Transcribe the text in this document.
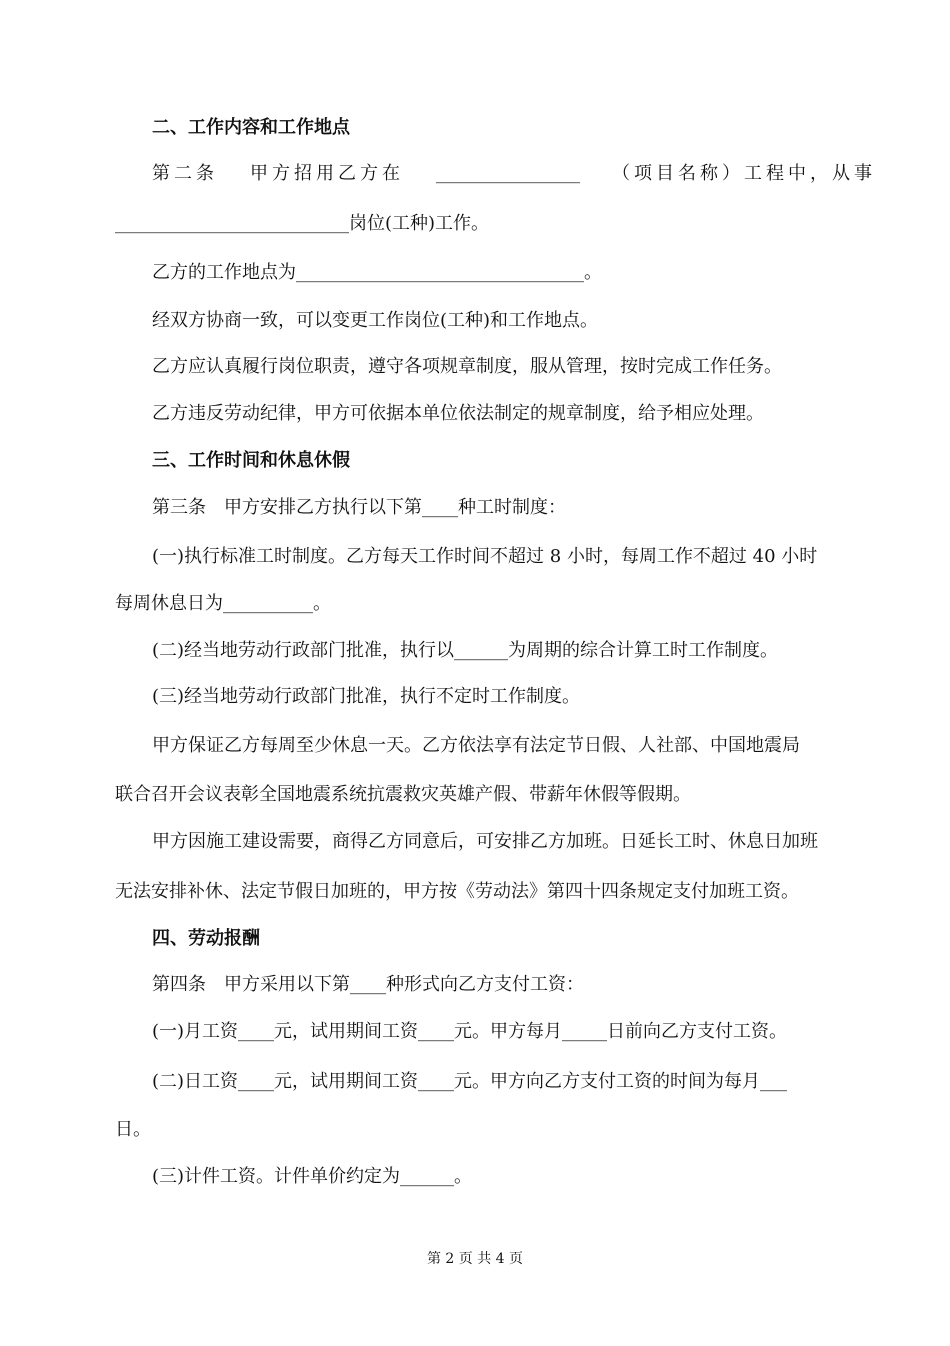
二、工作内容和工作地点
第二条 甲方招用乙方在 ________________ （项目名称）工程中，从事
__________________________岗位(工种)工作。
乙方的工作地点为________________________________。
经双方协商一致，可以变更工作岗位(工种)和工作地点。
乙方应认真履行岗位职责，遵守各项规章制度，服从管理，按时完成工作任务。
乙方违反劳动纪律，甲方可依据本单位依法制定的规章制度，给予相应处理。
三、工作时间和休息休假
第三条　甲方安排乙方执行以下第____种工时制度：
(一)执行标准工时制度。乙方每天工作时间不超过 8 小时，每周工作不超过 40 小时
每周休息日为__________。
(二)经当地劳动行政部门批准，执行以______为周期的综合计算工时工作制度。
(三)经当地劳动行政部门批准，执行不定时工作制度。
甲方保证乙方每周至少休息一天。乙方依法享有法定节日假、人社部、中国地震局
联合召开会议表彰全国地震系统抗震救灾英雄产假、带薪年休假等假期。
甲方因施工建设需要，商得乙方同意后，可安排乙方加班。日延长工时、休息日加班
无法安排补休、法定节假日加班的，甲方按《劳动法》第四十四条规定支付加班工资。
四、劳动报酬
第四条　甲方采用以下第____种形式向乙方支付工资：
(一)月工资____元，试用期间工资____元。甲方每月_____日前向乙方支付工资。
(二)日工资____元，试用期间工资____元。甲方向乙方支付工资的时间为每月___
日。
(三)计件工资。计件单价约定为______。
第 2 页 共 4 页
